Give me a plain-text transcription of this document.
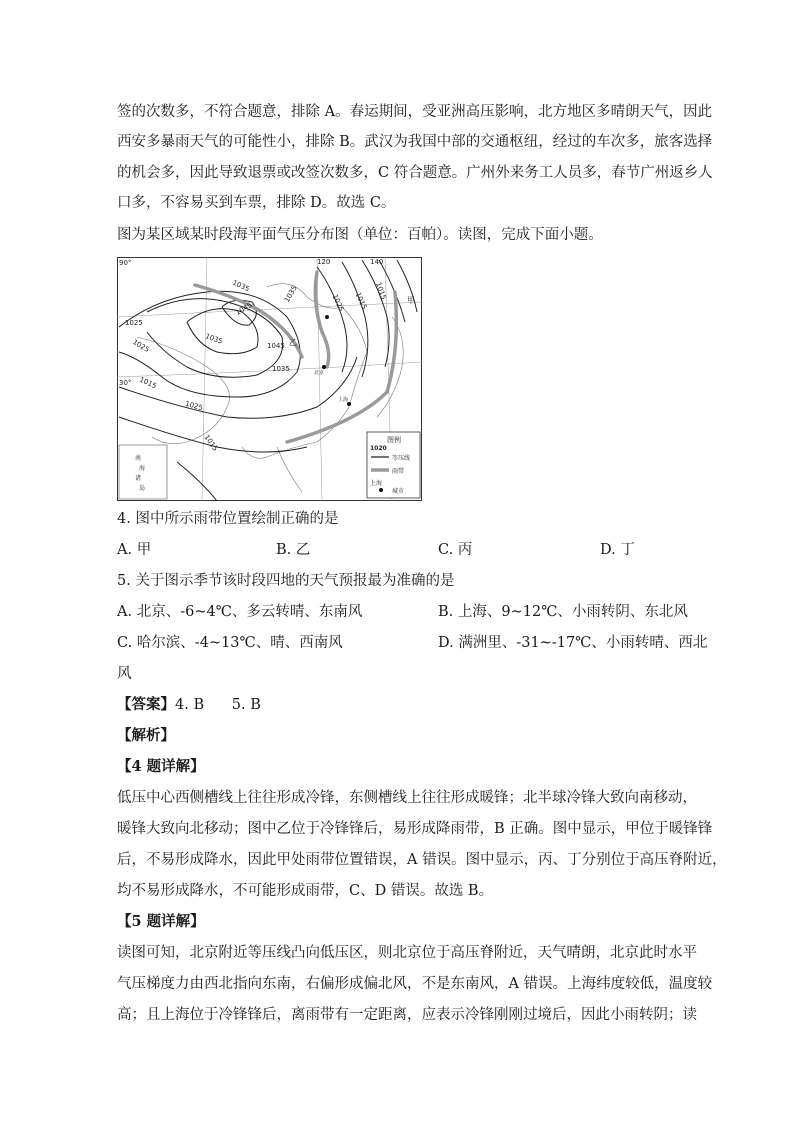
签的次数多，不符合题意，排除 A。春运期间，受亚洲高压影响，北方地区多晴朗天气，因此
西安多暴雨天气的可能性小，排除 B。武汉为我国中部的交通枢纽，经过的车次多，旅客选择
的机会多，因此导致退票或改签次数多，C 符合题意。广州外来务工人员多，春节广州返乡人
口多，不容易买到车票，排除 D。故选 C。
图为某区域某时段海平面气压分布图（单位：百帕）。读图，完成下面小题。
1025
1035
1045
1035
1045
1035
1025
1015
1025
1015
1035	1025 1015
1015
90°	120	140
30°
甲
乙
北京
上海
南
海
诸
岛
图例
1020
等压线
雨带
上海
城市
4. 图中所示雨带位置绘制正确的是
A. 甲	B. 乙	C. 丙	D. 丁
5. 关于图示季节该时段四地的天气预报最为准确的是
A. 北京、-6~4℃、多云转晴、东南风	B. 上海、9~12℃、小雨转阴、东北风
C. 哈尔滨、-4~13℃、晴、西南风	D. 满洲里、-31~-17℃、小雨转晴、西北
风
【答案】4. B      5. B
【解析】
【4 题详解】
低压中心西侧槽线上往往形成冷锋，东侧槽线上往往形成暖锋；北半球冷锋大致向南移动，
暖锋大致向北移动；图中乙位于冷锋锋后，易形成降雨带，B 正确。图中显示，甲位于暖锋锋
后，不易形成降水，因此甲处雨带位置错误，A 错误。图中显示，丙、丁分别位于高压脊附近，
均不易形成降水，不可能形成雨带，C、D 错误。故选 B。
【5 题详解】
读图可知，北京附近等压线凸向低压区，则北京位于高压脊附近，天气晴朗，北京此时水平
气压梯度力由西北指向东南，右偏形成偏北风，不是东南风，A 错误。上海纬度较低，温度较
高；且上海位于冷锋锋后，离雨带有一定距离，应表示冷锋刚刚过境后，因此小雨转阴；读
